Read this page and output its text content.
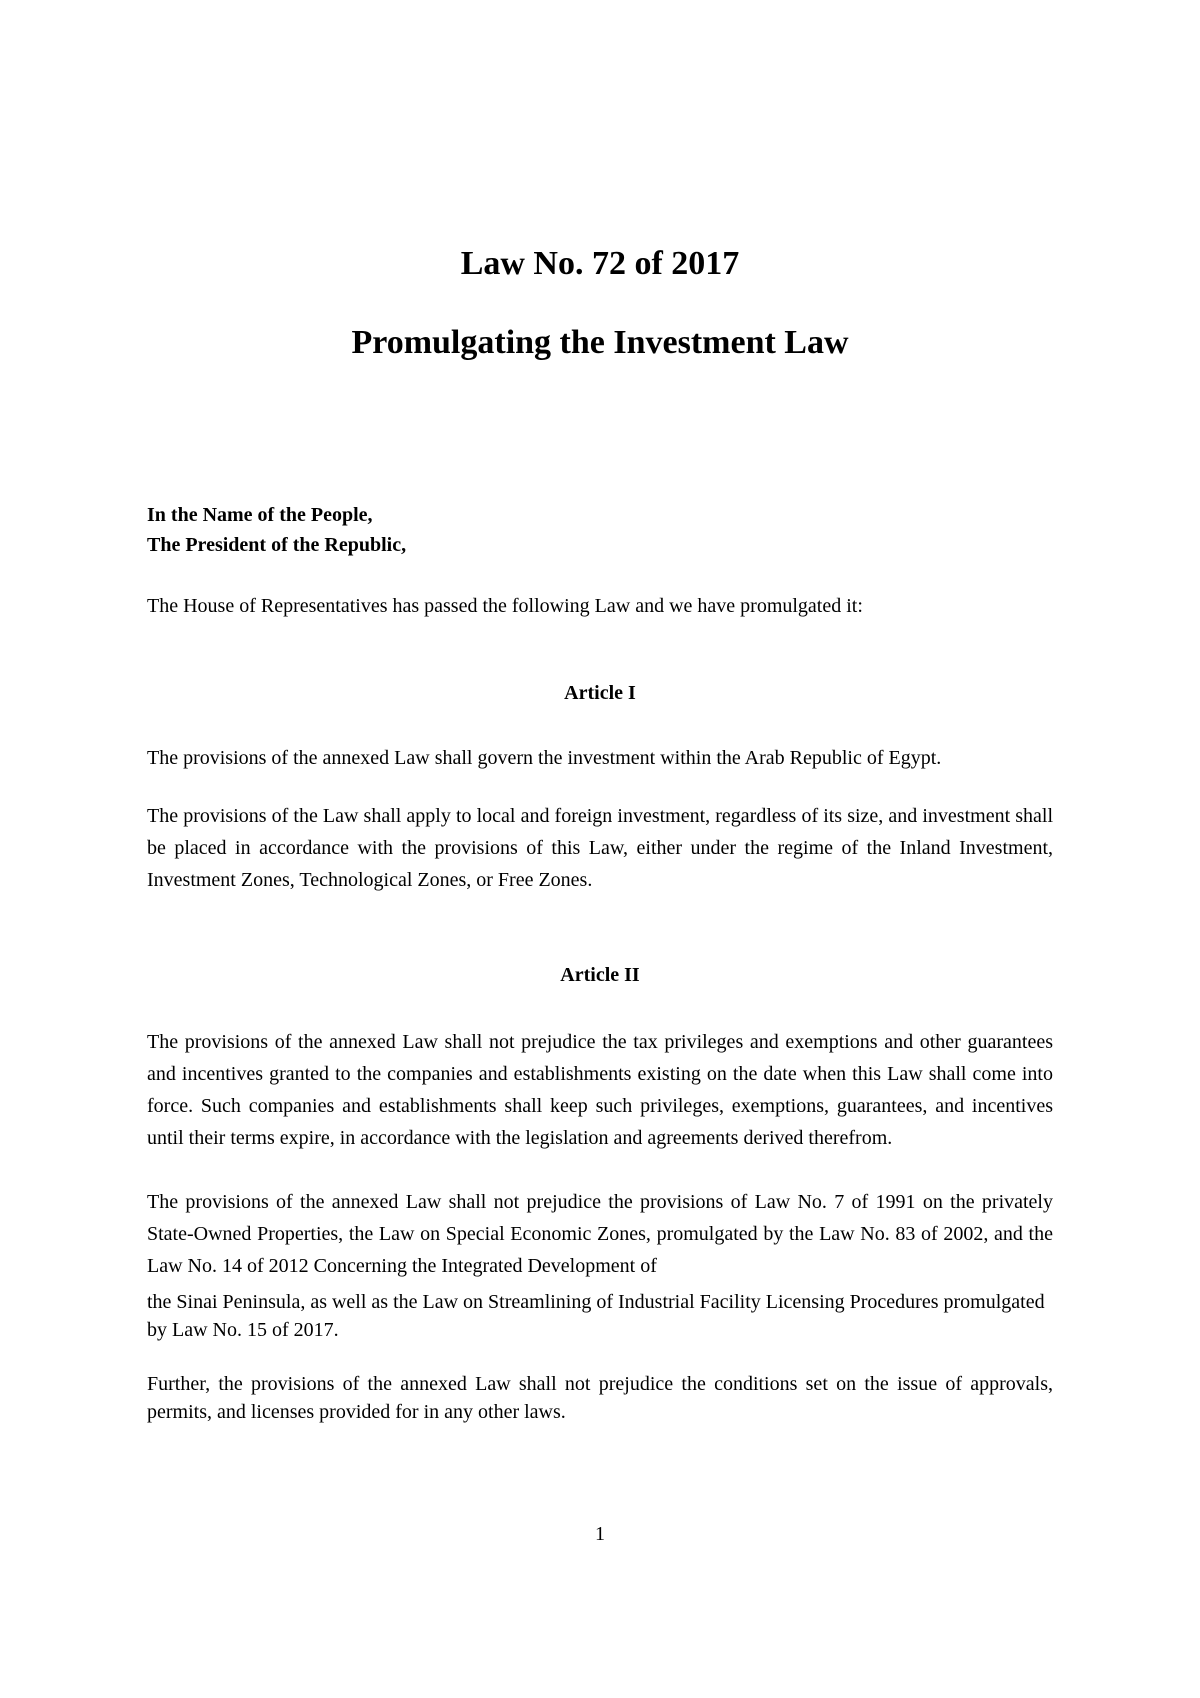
Law No. 72 of 2017
Promulgating the Investment Law
In the Name of the People,
The President of the Republic,

The House of Representatives has passed the following Law and we have promulgated it:

Article I

The provisions of the annexed Law shall govern the investment within the Arab Republic of Egypt.

The provisions of the Law shall apply to local and foreign investment, regardless of its size, and investment shall be placed in accordance with the provisions of this Law, either under the regime of the Inland Investment, Investment Zones, Technological Zones, or Free Zones.

Article II

The provisions of the annexed Law shall not prejudice the tax privileges and exemptions and other guarantees and incentives granted to the companies and establishments existing on the date when this Law shall come into force. Such companies and establishments shall keep such privileges, exemptions, guarantees, and incentives until their terms expire, in accordance with the legislation and agreements derived therefrom.

The provisions of the annexed Law shall not prejudice the provisions of Law No. 7 of 1991 on the privately State-Owned Properties, the Law on Special Economic Zones, promulgated by the Law No. 83 of 2002, and the Law No. 14 of 2012 Concerning the Integrated Development of

the Sinai Peninsula, as well as the Law on Streamlining of Industrial Facility Licensing Procedures promulgated by Law No. 15 of 2017.

Further, the provisions of the annexed Law shall not prejudice the conditions set on the issue of approvals, permits, and licenses provided for in any other laws.

1
